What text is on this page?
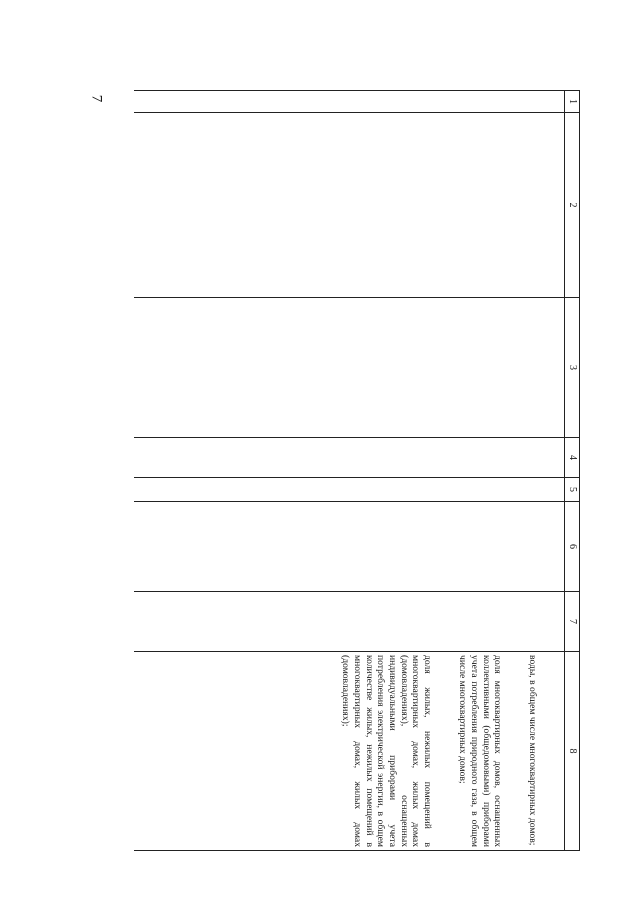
7	1	2	3	4	5	6	7	8

							воды, в общем числе многоквартирных домов;

доля многоквартирных домов, оснащенных коллективными (общедомовыми) приборами учета потребления природного газа, в общем числе многоквартирных домов;

доля жилых, нежилых помещений в многоквартирных домах, жилых домах (домовладениях), оснащенных индивидуальными приборами учета потребления электрической энергии, в общем количестве жилых, нежилых помещений в многоквартирных домах, жилых домах (домовладениях);
